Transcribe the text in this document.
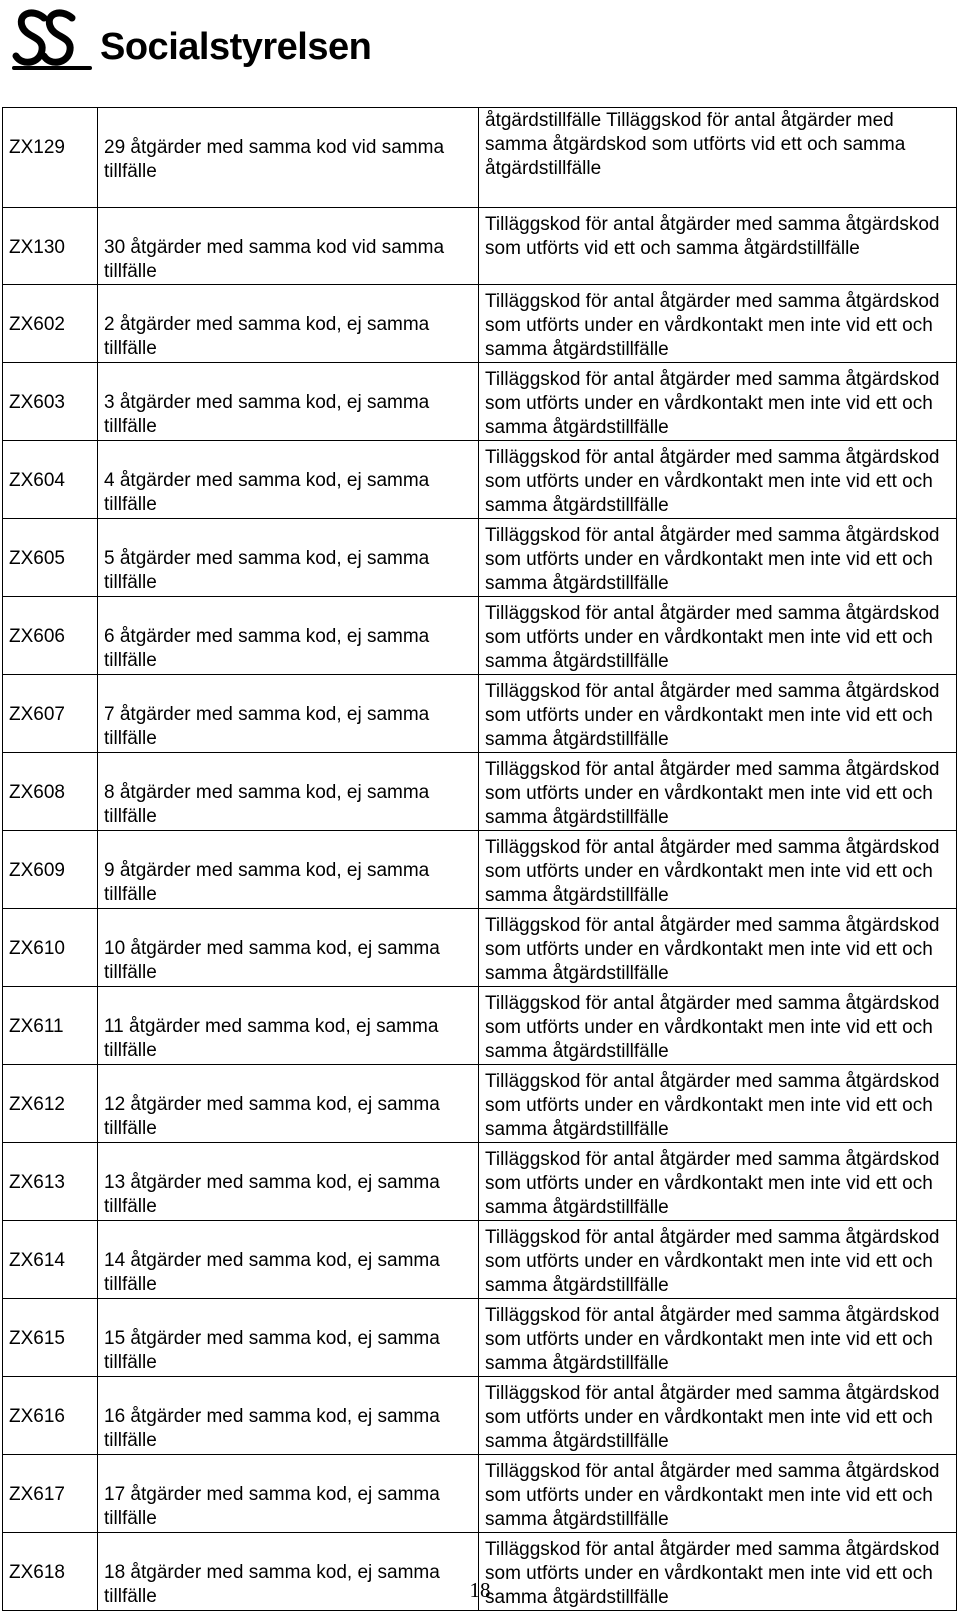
Socialstyrelsen
ZX129	29 åtgärder med samma kod vid samma tillfälle	åtgärdstillfälle Tilläggskod för antal åtgärder med samma åtgärdskod som utförts vid ett och samma åtgärdstillfälle
ZX130	30 åtgärder med samma kod vid samma tillfälle	Tilläggskod för antal åtgärder med samma åtgärdskod som utförts vid ett och samma åtgärdstillfälle
ZX602	2 åtgärder med samma kod, ej samma tillfälle	Tilläggskod för antal åtgärder med samma åtgärdskod som utförts under en vårdkontakt men inte vid ett och samma åtgärdstillfälle
ZX603	3 åtgärder med samma kod, ej samma tillfälle	Tilläggskod för antal åtgärder med samma åtgärdskod som utförts under en vårdkontakt men inte vid ett och samma åtgärdstillfälle
ZX604	4 åtgärder med samma kod, ej samma tillfälle	Tilläggskod för antal åtgärder med samma åtgärdskod som utförts under en vårdkontakt men inte vid ett och samma åtgärdstillfälle
ZX605	5 åtgärder med samma kod, ej samma tillfälle	Tilläggskod för antal åtgärder med samma åtgärdskod som utförts under en vårdkontakt men inte vid ett och samma åtgärdstillfälle
ZX606	6 åtgärder med samma kod, ej samma tillfälle	Tilläggskod för antal åtgärder med samma åtgärdskod som utförts under en vårdkontakt men inte vid ett och samma åtgärdstillfälle
ZX607	7 åtgärder med samma kod, ej samma tillfälle	Tilläggskod för antal åtgärder med samma åtgärdskod som utförts under en vårdkontakt men inte vid ett och samma åtgärdstillfälle
ZX608	8 åtgärder med samma kod, ej samma tillfälle	Tilläggskod för antal åtgärder med samma åtgärdskod som utförts under en vårdkontakt men inte vid ett och samma åtgärdstillfälle
ZX609	9 åtgärder med samma kod, ej samma tillfälle	Tilläggskod för antal åtgärder med samma åtgärdskod som utförts under en vårdkontakt men inte vid ett och samma åtgärdstillfälle
ZX610	10 åtgärder med samma kod, ej samma tillfälle	Tilläggskod för antal åtgärder med samma åtgärdskod som utförts under en vårdkontakt men inte vid ett och samma åtgärdstillfälle
ZX611	11 åtgärder med samma kod, ej samma tillfälle	Tilläggskod för antal åtgärder med samma åtgärdskod som utförts under en vårdkontakt men inte vid ett och samma åtgärdstillfälle
ZX612	12 åtgärder med samma kod, ej samma tillfälle	Tilläggskod för antal åtgärder med samma åtgärdskod som utförts under en vårdkontakt men inte vid ett och samma åtgärdstillfälle
ZX613	13 åtgärder med samma kod, ej samma tillfälle	Tilläggskod för antal åtgärder med samma åtgärdskod som utförts under en vårdkontakt men inte vid ett och samma åtgärdstillfälle
ZX614	14 åtgärder med samma kod, ej samma tillfälle	Tilläggskod för antal åtgärder med samma åtgärdskod som utförts under en vårdkontakt men inte vid ett och samma åtgärdstillfälle
ZX615	15 åtgärder med samma kod, ej samma tillfälle	Tilläggskod för antal åtgärder med samma åtgärdskod som utförts under en vårdkontakt men inte vid ett och samma åtgärdstillfälle
ZX616	16 åtgärder med samma kod, ej samma tillfälle	Tilläggskod för antal åtgärder med samma åtgärdskod som utförts under en vårdkontakt men inte vid ett och samma åtgärdstillfälle
ZX617	17 åtgärder med samma kod, ej samma tillfälle	Tilläggskod för antal åtgärder med samma åtgärdskod som utförts under en vårdkontakt men inte vid ett och samma åtgärdstillfälle
ZX618	18 åtgärder med samma kod, ej samma tillfälle	Tilläggskod för antal åtgärder med samma åtgärdskod som utförts under en vårdkontakt men inte vid ett och samma åtgärdstillfälle
18
